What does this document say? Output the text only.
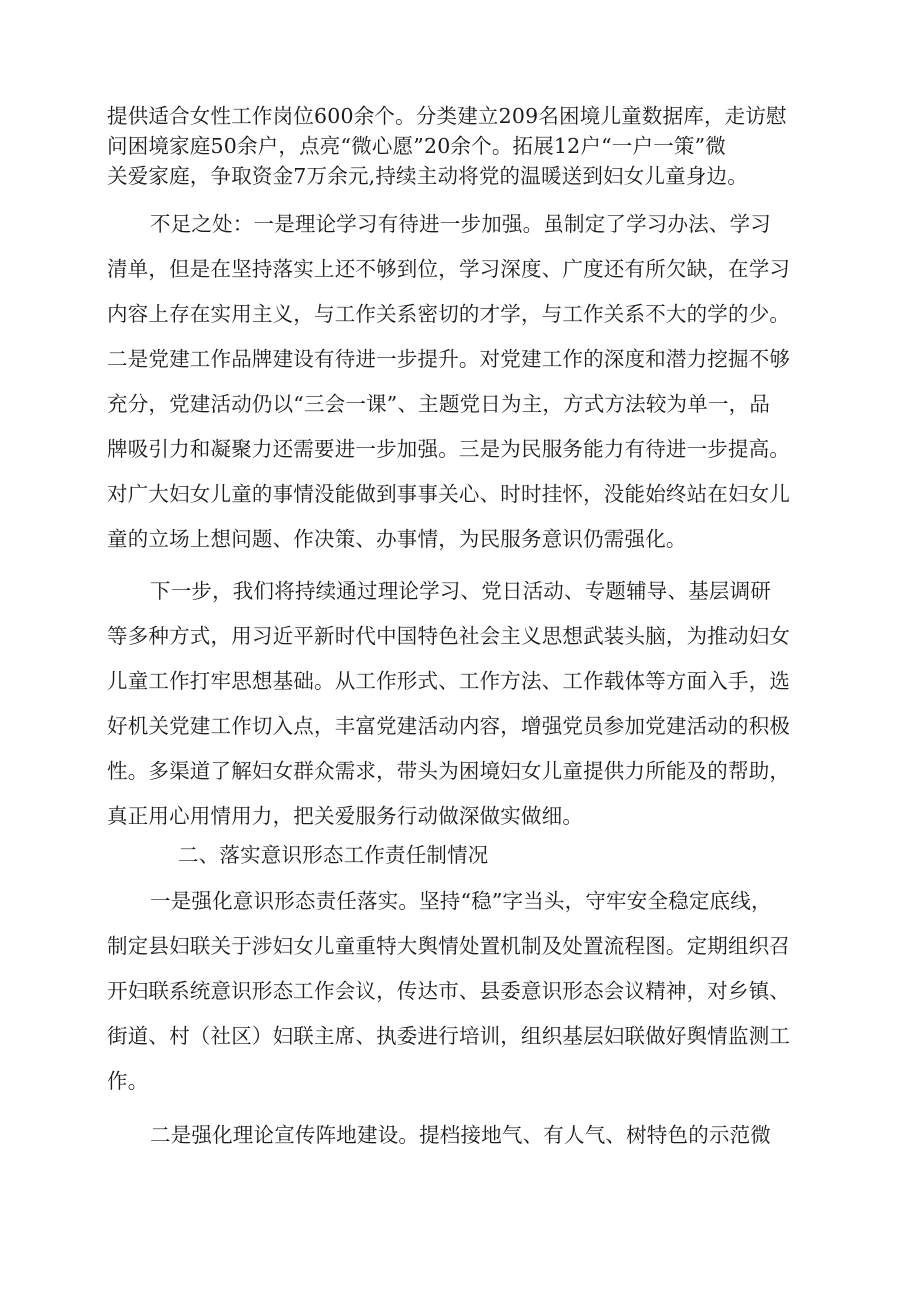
提供适合女性工作岗位600余个。分类建立209名困境儿童数据库，走访慰
问困境家庭50余户，点亮“微心愿”20余个。拓展12户“一户一策”微
关爱家庭，争取资金7万余元,持续主动将党的温暖送到妇女儿童身边。
不足之处：一是理论学习有待进一步加强。虽制定了学习办法、学习
清单，但是在坚持落实上还不够到位，学习深度、广度还有所欠缺，在学习
内容上存在实用主义，与工作关系密切的才学，与工作关系不大的学的少。
二是党建工作品牌建设有待进一步提升。对党建工作的深度和潜力挖掘不够
充分，党建活动仍以“三会一课”、主题党日为主，方式方法较为单一，品
牌吸引力和凝聚力还需要进一步加强。三是为民服务能力有待进一步提高。
对广大妇女儿童的事情没能做到事事关心、时时挂怀，没能始终站在妇女儿
童的立场上想问题、作决策、办事情，为民服务意识仍需强化。
下一步，我们将持续通过理论学习、党日活动、专题辅导、基层调研
等多种方式，用习近平新时代中国特色社会主义思想武装头脑，为推动妇女
儿童工作打牢思想基础。从工作形式、工作方法、工作载体等方面入手，选
好机关党建工作切入点，丰富党建活动内容，增强党员参加党建活动的积极
性。多渠道了解妇女群众需求，带头为困境妇女儿童提供力所能及的帮助，
真正用心用情用力，把关爱服务行动做深做实做细。
二、落实意识形态工作责任制情况
一是强化意识形态责任落实。坚持“稳”字当头，守牢安全稳定底线，
制定县妇联关于涉妇女儿童重特大舆情处置机制及处置流程图。定期组织召
开妇联系统意识形态工作会议，传达市、县委意识形态会议精神，对乡镇、
街道、村（社区）妇联主席、执委进行培训，组织基层妇联做好舆情监测工
作。
二是强化理论宣传阵地建设。提档接地气、有人气、树特色的示范微
